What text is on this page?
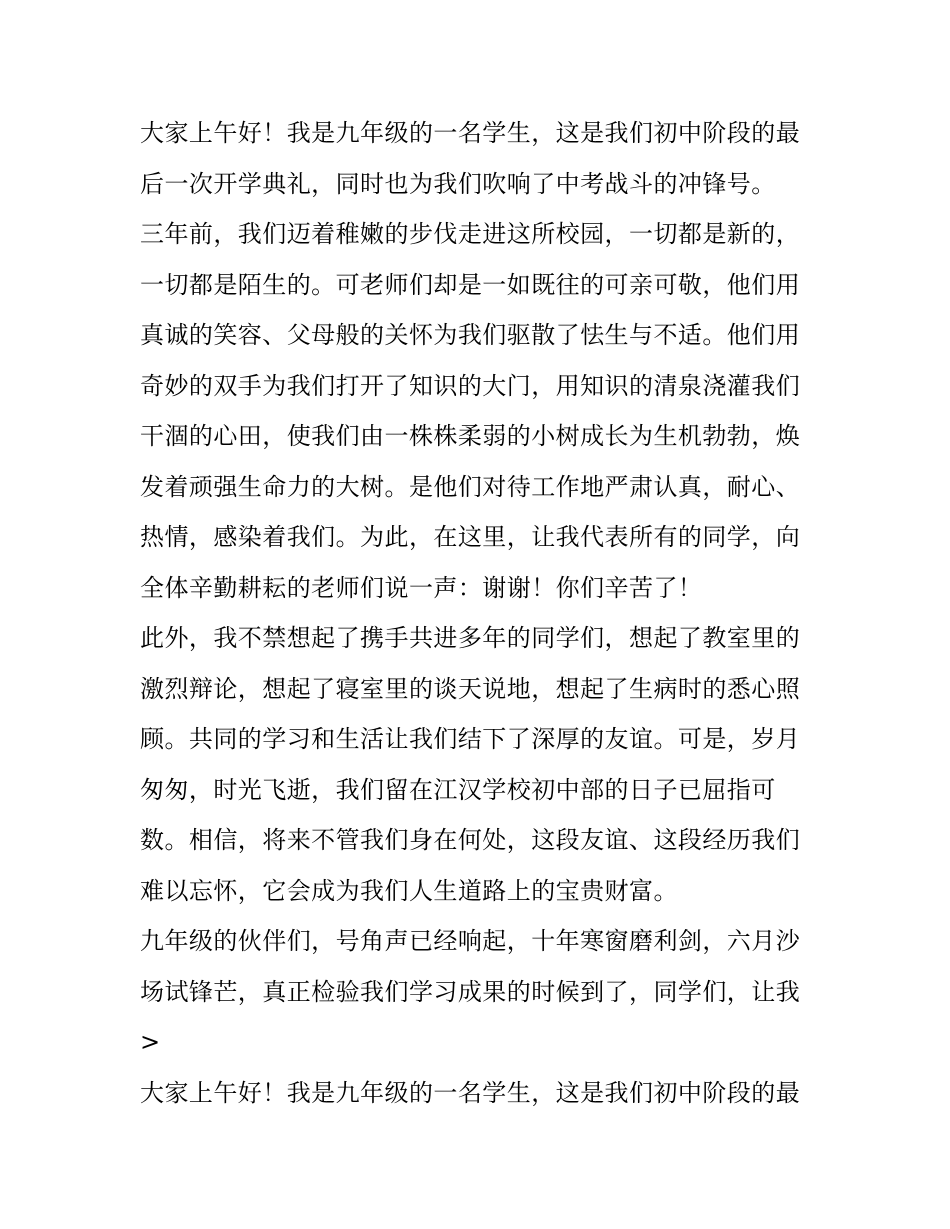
大家上午好！我是九年级的一名学生，这是我们初中阶段的最
后一次开学典礼，同时也为我们吹响了中考战斗的冲锋号。
三年前，我们迈着稚嫩的步伐走进这所校园，一切都是新的，
一切都是陌生的。可老师们却是一如既往的可亲可敬，他们用
真诚的笑容、父母般的关怀为我们驱散了怯生与不适。他们用
奇妙的双手为我们打开了知识的大门，用知识的清泉浇灌我们
干涸的心田，使我们由一株株柔弱的小树成长为生机勃勃，焕
发着顽强生命力的大树。是他们对待工作地严肃认真，耐心、
热情，感染着我们。为此，在这里，让我代表所有的同学，向
全体辛勤耕耘的老师们说一声：谢谢！你们辛苦了！
此外，我不禁想起了携手共进多年的同学们，想起了教室里的
激烈辩论，想起了寝室里的谈天说地，想起了生病时的悉心照
顾。共同的学习和生活让我们结下了深厚的友谊。可是，岁月
匆匆，时光飞逝，我们留在江汉学校初中部的日子已屈指可
数。相信，将来不管我们身在何处，这段友谊、这段经历我们
难以忘怀，它会成为我们人生道路上的宝贵财富。
九年级的伙伴们，号角声已经响起，十年寒窗磨利剑，六月沙
场试锋芒，真正检验我们学习成果的时候到了，同学们，让我
>
大家上午好！我是九年级的一名学生，这是我们初中阶段的最
